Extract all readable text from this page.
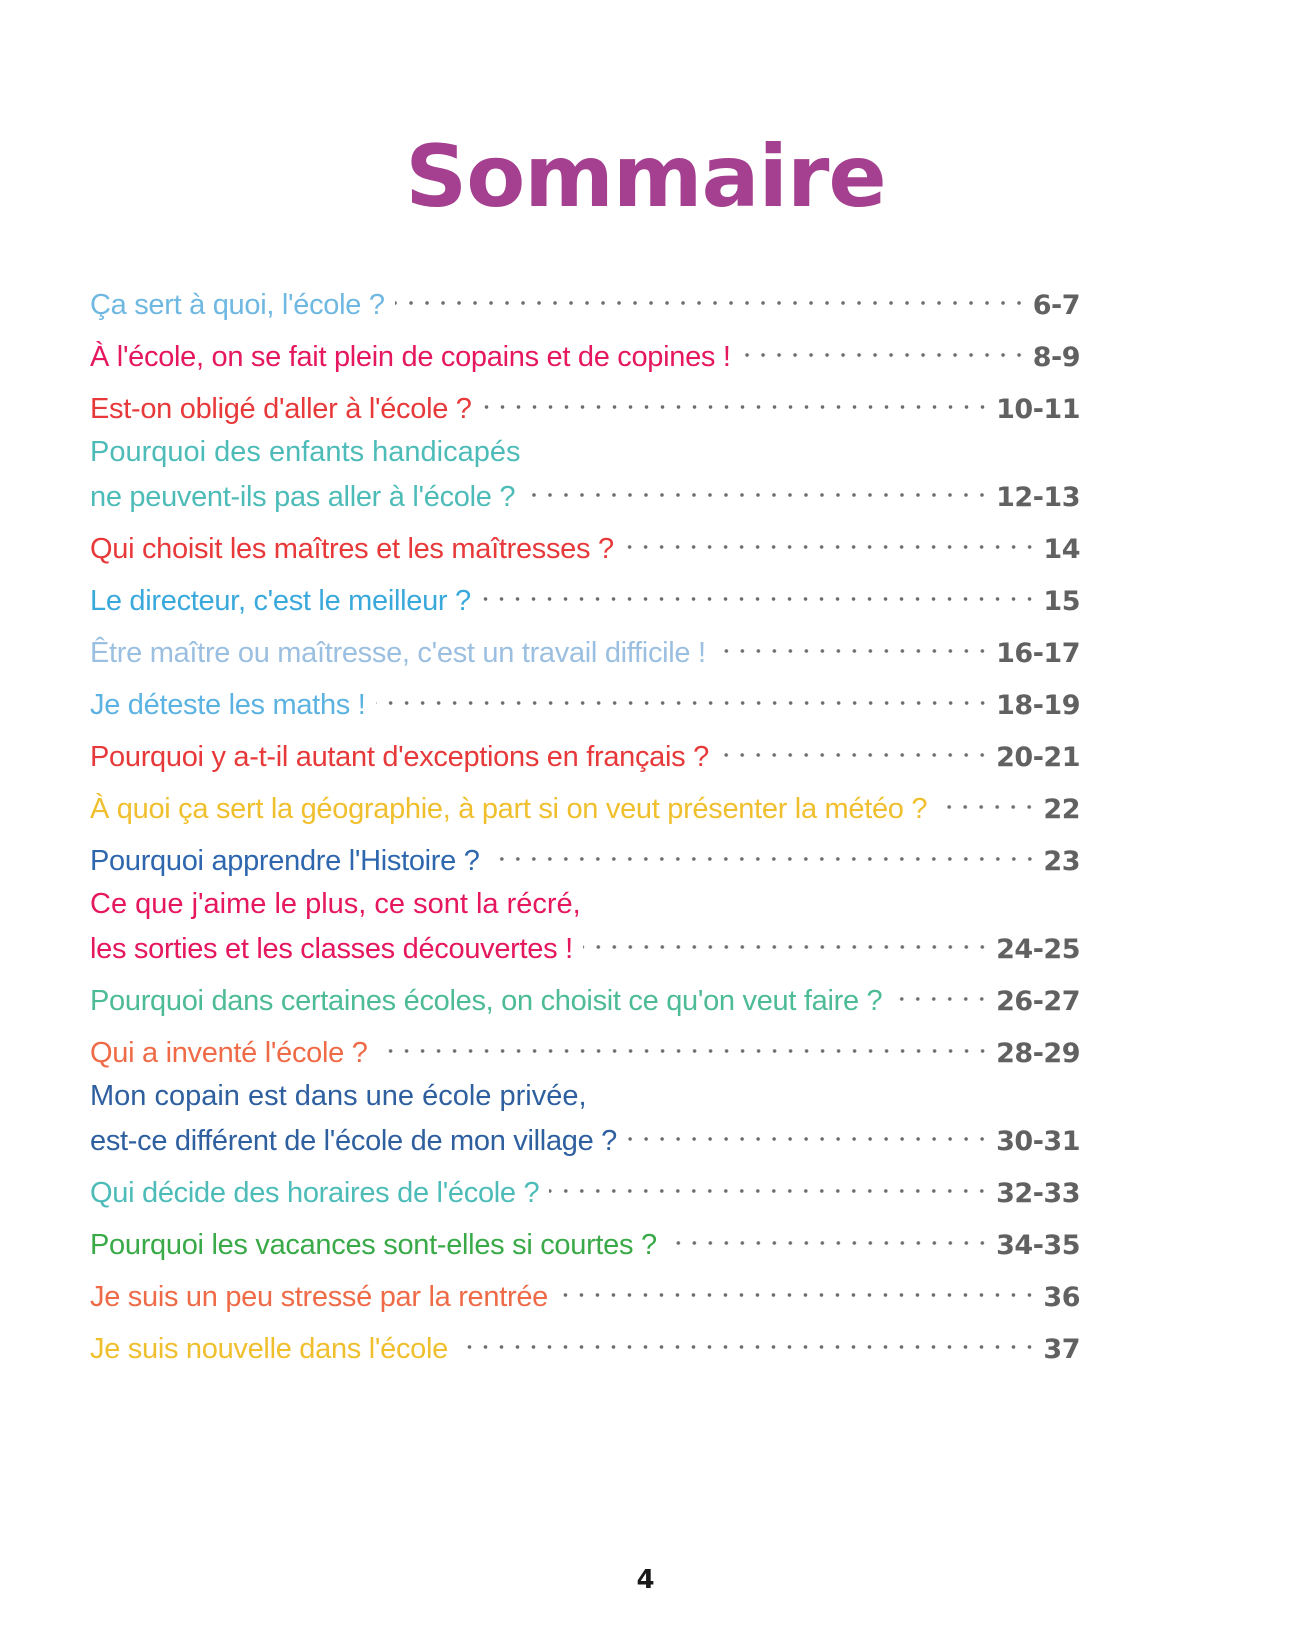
Sommaire
Ça sert à quoi, l'école ?	6-7
À l'école, on se fait plein de copains et de copines !	8-9
Est-on obligé d'aller à l'école ?	10-11
Pourquoi des enfants handicapés
ne peuvent-ils pas aller à l'école ?	12-13
Qui choisit les maîtres et les maîtresses ?	14
Le directeur, c'est le meilleur ?	15
Être maître ou maîtresse, c'est un travail difficile !	16-17
Je déteste les maths !	18-19
Pourquoi y a-t-il autant d'exceptions en français ?	20-21
À quoi ça sert la géographie, à part si on veut présenter la météo ?	22
Pourquoi apprendre l'Histoire ?	23
Ce que j'aime le plus, ce sont la récré,
les sorties et les classes découvertes !	24-25
Pourquoi dans certaines écoles, on choisit ce qu'on veut faire ?	26-27
Qui a inventé l'école ?	28-29
Mon copain est dans une école privée,
est-ce différent de l'école de mon village ?	30-31
Qui décide des horaires de l'école ?	32-33
Pourquoi les vacances sont-elles si courtes ?	34-35
Je suis un peu stressé par la rentrée	36
Je suis nouvelle dans l'école	37
4
